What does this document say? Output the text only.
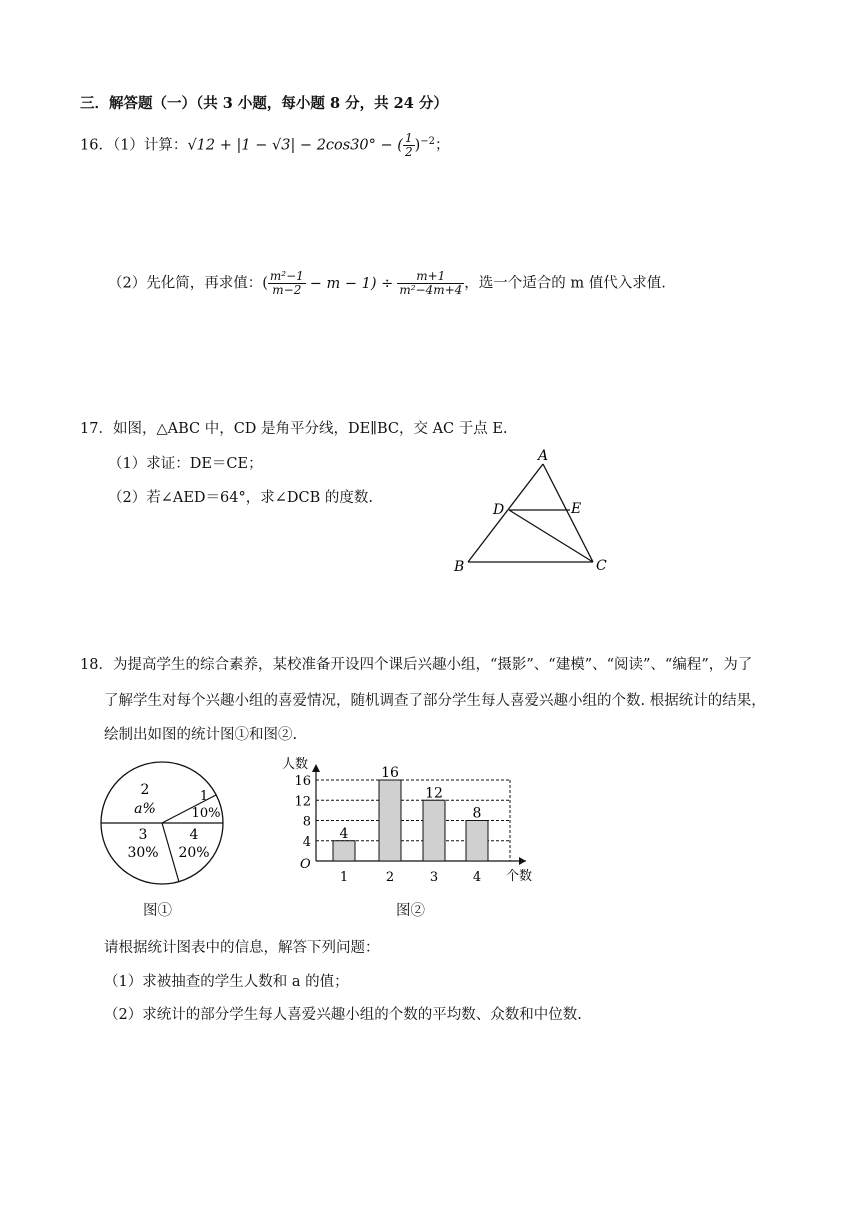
三．解答题（一）（共 3 小题，每小题 8 分，共 24 分）
16．（1）计算：√12 + |1 − √3| − 2cos30° − ( $\frac{1}{2} )^{-2}$；
（2）先化简，再求值：( $\frac{\text{m²−1}}{m-2} - m - 1) \div \frac{m+1}{\text{m²−4m+4}}$ ，选一个适合的 m 值代入求值.
17．如图，△ABC 中，CD 是角平分线，DE∥BC，交 AC 于点 E.
（1）求证：DE＝CE；
（2）若∠AED＝64°，求∠DCB 的度数.
A
B	C
D	E
18．为提高学生的综合素养，某校准备开设四个课后兴趣小组，“摄影”、“建模”、“阅读”、“编程”，为了
了解学生对每个兴趣小组的喜爱情况，随机调查了部分学生每人喜爱兴趣小组的个数. 根据统计的结果，
绘制出如图的统计图①和图②.
2
a%
1
10%
3
30%
4
20%
图①
人数
个数
O
4
8
12
16
4
1
16
2
12
3
8
4
图②
请根据统计图表中的信息，解答下列问题：
（1）求被抽查的学生人数和 a 的值；
（2）求统计的部分学生每人喜爱兴趣小组的个数的平均数、众数和中位数.
